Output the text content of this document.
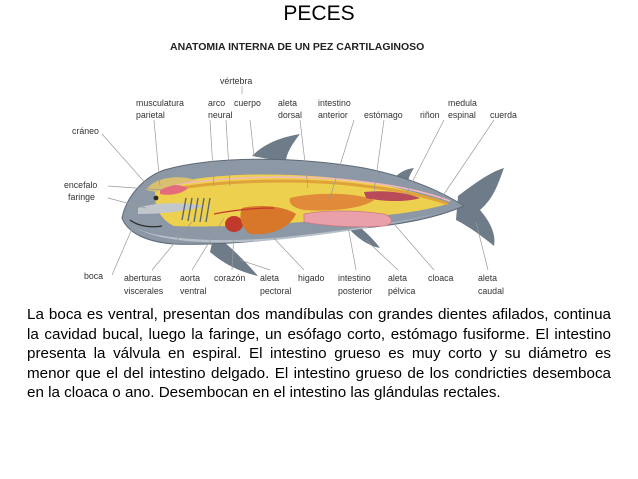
PECES
ANATOMIA INTERNA DE UN PEZ CARTILAGINOSO
www.infovisual.info
vértebra
musculatura
parietal
arco
neural
cuerpo aleta
dorsal
intestino
anterior estómago riñon
medula
espinal cuerda
cráneo
encefalo
faringe
boca aberturas
viscerales
aorta
ventral
corazón aleta
pectoral
higado intestino
posterior
aleta
pélvica
cloaca	aleta
caudal

La boca es ventral, presentan dos mandíbulas con grandes dientes afilados, continua la cavidad bucal, luego la faringe, un esófago corto, estómago fusiforme. El intestino presenta la válvula en espiral. El intestino grueso es muy corto y su diámetro es menor que el del intestino delgado. El intestino grueso de los condricties desemboca en la cloaca o ano. Desembocan en el intestino las glándulas rectales.
